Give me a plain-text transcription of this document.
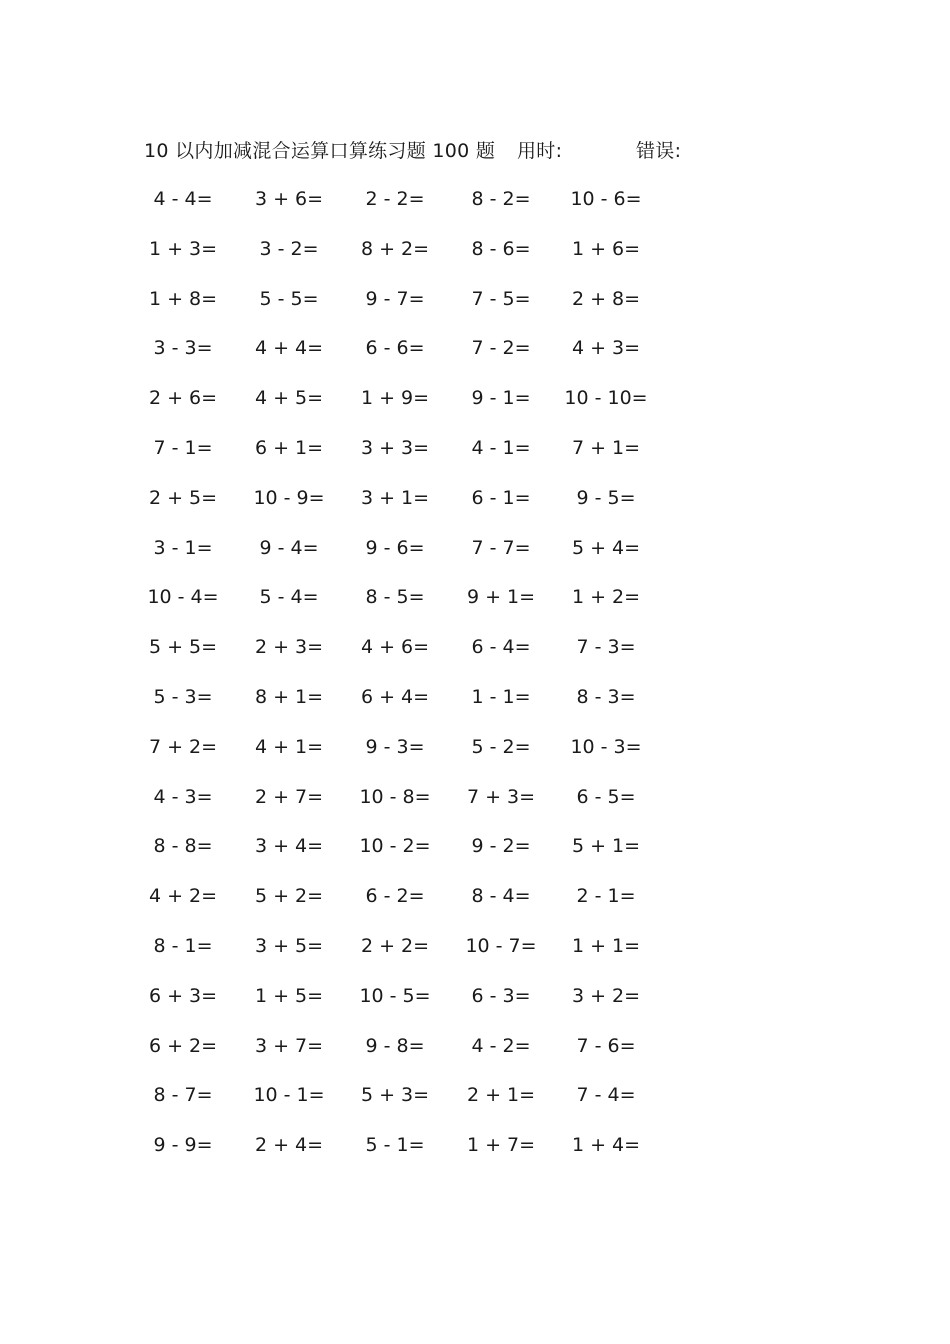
10 以内加减混合运算口算练习题 100 题 用时:	错误:
4 - 4=	3 + 6=	2 - 2=	8 - 2=	10 - 6=
1 + 3=	3 - 2=	8 + 2=	8 - 6=	1 + 6=
1 + 8=	5 - 5=	9 - 7=	7 - 5=	2 + 8=
3 - 3=	4 + 4=	6 - 6=	7 - 2=	4 + 3=
2 + 6=	4 + 5=	1 + 9=	9 - 1=	10 - 10=
7 - 1=	6 + 1=	3 + 3=	4 - 1=	7 + 1=
2 + 5=	10 - 9=	3 + 1=	6 - 1=	9 - 5=
3 - 1=	9 - 4=	9 - 6=	7 - 7=	5 + 4=
10 - 4=	5 - 4=	8 - 5=	9 + 1=	1 + 2=
5 + 5=	2 + 3=	4 + 6=	6 - 4=	7 - 3=
5 - 3=	8 + 1=	6 + 4=	1 - 1=	8 - 3=
7 + 2=	4 + 1=	9 - 3=	5 - 2=	10 - 3=
4 - 3=	2 + 7=	10 - 8=	7 + 3=	6 - 5=
8 - 8=	3 + 4=	10 - 2=	9 - 2=	5 + 1=
4 + 2=	5 + 2=	6 - 2=	8 - 4=	2 - 1=
8 - 1=	3 + 5=	2 + 2=	10 - 7=	1 + 1=
6 + 3=	1 + 5=	10 - 5=	6 - 3=	3 + 2=
6 + 2=	3 + 7=	9 - 8=	4 - 2=	7 - 6=
8 - 7=	10 - 1=	5 + 3=	2 + 1=	7 - 4=
9 - 9=	2 + 4=	5 - 1=	1 + 7=	1 + 4=
